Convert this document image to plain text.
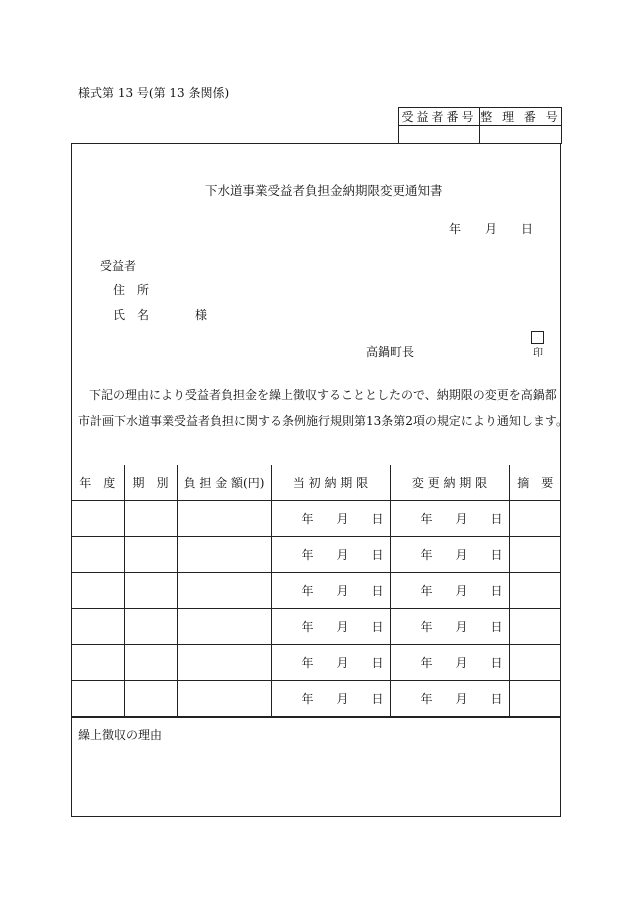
様式第 13 号(第 13 条関係)
受益者番号	整 理 番 号

下水道事業受益者負担金納期限変更通知書
年 月 日
受益者
住所
氏名	様
高鍋町長	印
下記の理由により受益者負担金を繰上徴収することとしたので、納期限の変更を高鍋都
市計画下水道事業受益者負担に関する条例施行規則第13条第2項の規定により通知します。
年　度	期　別	負 担 金 額(円)	当 初 納 期 限	変 更 納 期 限	摘　要

			年 月 日	年 月 日	

			年 月 日	年 月 日	

			年 月 日	年 月 日	

			年 月 日	年 月 日	

			年 月 日	年 月 日	

			年 月 日	年 月 日	

繰上徴収の理由
